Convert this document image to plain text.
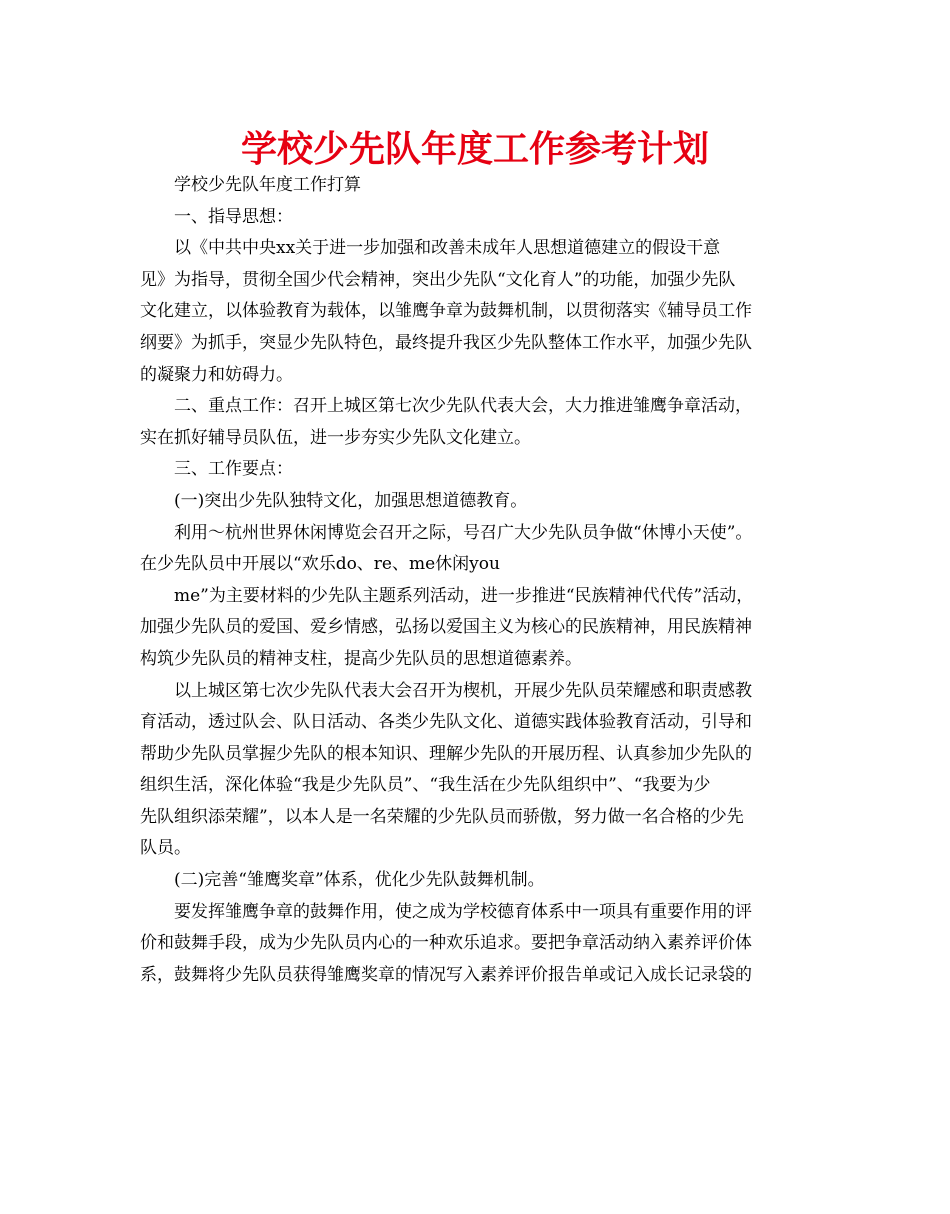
学校少先队年度工作参考计划

学校少先队年度工作打算

一、指导思想：

以《中共中央xx关于进一步加强和改善未成年人思想道德建立的假设干意

见》为指导，贯彻全国少代会精神，突出少先队“文化育人”的功能，加强少先队

文化建立，以体验教育为载体，以雏鹰争章为鼓舞机制，以贯彻落实《辅导员工作

纲要》为抓手，突显少先队特色，最终提升我区少先队整体工作水平，加强少先队

的凝聚力和妨碍力。

二、重点工作：召开上城区第七次少先队代表大会，大力推进雏鹰争章活动，

实在抓好辅导员队伍，进一步夯实少先队文化建立。

三、工作要点：

(一)突出少先队独特文化，加强思想道德教育。

利用～杭州世界休闲博览会召开之际，号召广大少先队员争做“休博小天使”。

在少先队员中开展以“欢乐do、re、me休闲you

me”为主要材料的少先队主题系列活动，进一步推进“民族精神代代传”活动，

加强少先队员的爱国、爱乡情感，弘扬以爱国主义为核心的民族精神，用民族精神

构筑少先队员的精神支柱，提高少先队员的思想道德素养。

以上城区第七次少先队代表大会召开为楔机，开展少先队员荣耀感和职责感教

育活动，透过队会、队日活动、各类少先队文化、道德实践体验教育活动，引导和

帮助少先队员掌握少先队的根本知识、理解少先队的开展历程、认真参加少先队的

组织生活，深化体验“我是少先队员”、“我生活在少先队组织中”、“我要为少

先队组织添荣耀”，以本人是一名荣耀的少先队员而骄傲，努力做一名合格的少先

队员。

(二)完善“雏鹰奖章”体系，优化少先队鼓舞机制。

要发挥雏鹰争章的鼓舞作用，使之成为学校德育体系中一项具有重要作用的评

价和鼓舞手段，成为少先队员内心的一种欢乐追求。要把争章活动纳入素养评价体

系，鼓舞将少先队员获得雏鹰奖章的情况写入素养评价报告单或记入成长记录袋的
